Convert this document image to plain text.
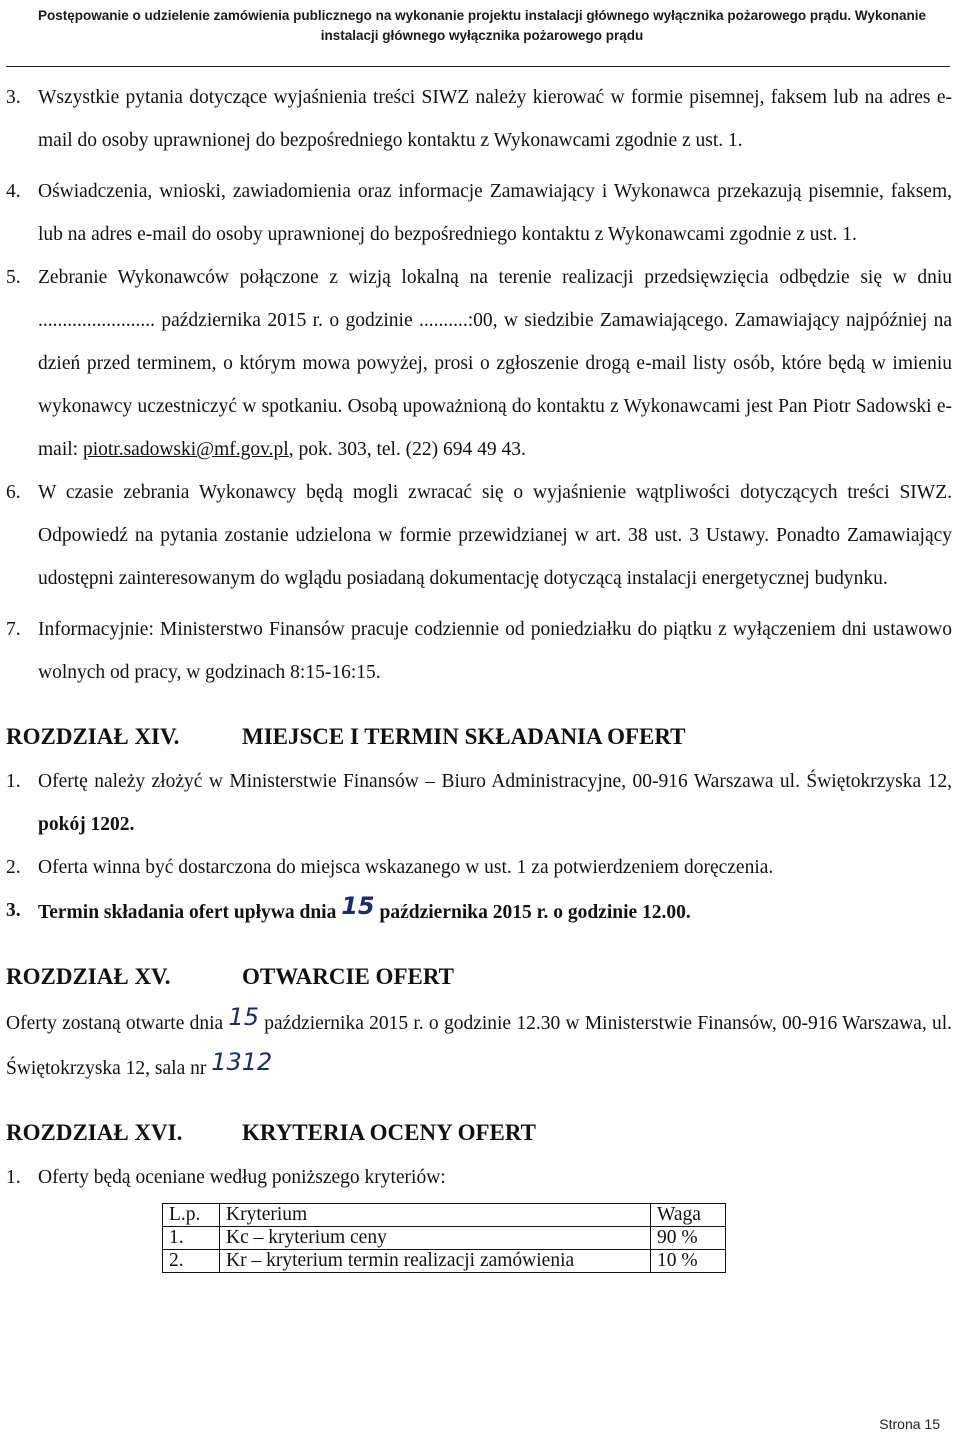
Postępowanie o udzielenie zamówienia publicznego na wykonanie projektu instalacji głównego wyłącznika pożarowego prądu. Wykonanie
instalacji głównego wyłącznika pożarowego prądu
3. Wszystkie pytania dotyczące wyjaśnienia treści SIWZ należy kierować w formie pisemnej, faksem lub na adres e-mail do osoby uprawnionej do bezpośredniego kontaktu z Wykonawcami zgodnie z ust. 1.
4. Oświadczenia, wnioski, zawiadomienia oraz informacje Zamawiający i Wykonawca przekazują pisemnie, faksem, lub na adres e-mail do osoby uprawnionej do bezpośredniego kontaktu z Wykonawcami zgodnie z ust. 1.
5. Zebranie Wykonawców połączone z wizją lokalną na terenie realizacji przedsięwzięcia odbędzie się w dniu ........................ października 2015 r. o godzinie ..........:00, w siedzibie Zamawiającego. Zamawiający najpóźniej na dzień przed terminem, o którym mowa powyżej, prosi o zgłoszenie drogą e-mail listy osób, które będą w imieniu wykonawcy uczestniczyć w spotkaniu. Osobą upoważnioną do kontaktu z Wykonawcami jest Pan Piotr Sadowski e-mail: piotr.sadowski@mf.gov.pl, pok. 303, tel. (22) 694 49 43.
6. W czasie zebrania Wykonawcy będą mogli zwracać się o wyjaśnienie wątpliwości dotyczących treści SIWZ. Odpowiedź na pytania zostanie udzielona w formie przewidzianej w art. 38 ust. 3 Ustawy. Ponadto Zamawiający udostępni zainteresowanym do wglądu posiadaną dokumentację dotyczącą instalacji energetycznej budynku.
7. Informacyjnie: Ministerstwo Finansów pracuje codziennie od poniedziałku do piątku z wyłączeniem dni ustawowo wolnych od pracy, w godzinach 8:15-16:15.
ROZDZIAŁ XIV.	MIEJSCE I TERMIN SKŁADANIA OFERT
1. Ofertę należy złożyć w Ministerstwie Finansów – Biuro Administracyjne, 00-916 Warszawa ul. Świętokrzyska 12, pokój 1202.
2. Oferta winna być dostarczona do miejsca wskazanego w ust. 1 za potwierdzeniem doręczenia.
3. Termin składania ofert upływa dnia 15 października 2015 r. o godzinie 12.00.
ROZDZIAŁ XV.	OTWARCIE OFERT
Oferty zostaną otwarte dnia 15 października 2015 r. o godzinie 12.30 w Ministerstwie Finansów, 00-916 Warszawa, ul. Świętokrzyska 12, sala nr 1312
ROZDZIAŁ XVI.	KRYTERIA OCENY OFERT
1. Oferty będą oceniane według poniższego kryteriów:
L.p.	Kryterium	Waga
1.	Kc – kryterium ceny	90 %
2.	Kr – kryterium termin realizacji zamówienia	10 %
Strona 15
